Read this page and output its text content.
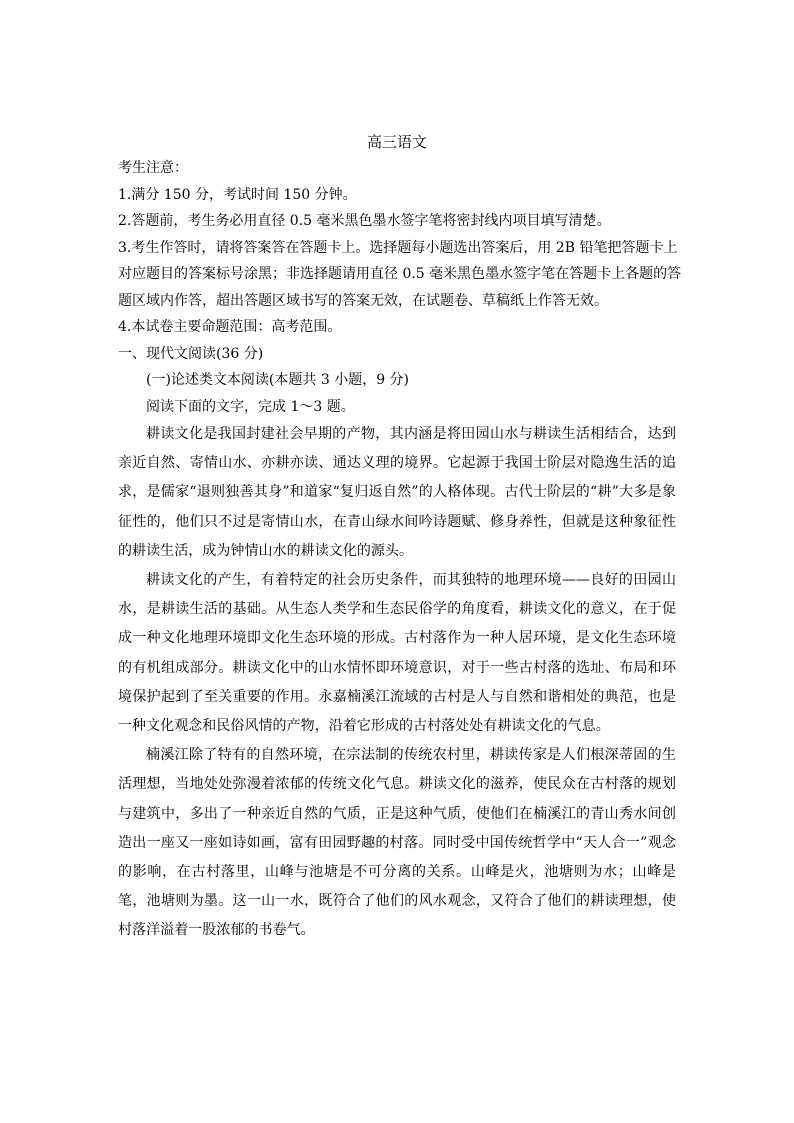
高三语文
考生注意：
1.满分 150 分，考试时间 150 分钟。
2.答题前，考生务必用直径 0.5 毫米黑色墨水签字笔将密封线内项目填写清楚。
3.考生作答时，请将答案答在答题卡上。选择题每小题选出答案后，用 2B 铅笔把答题卡上
对应题目的答案标号涂黑；非选择题请用直径 0.5 毫米黑色墨水签字笔在答题卡上各题的答
题区域内作答，超出答题区域书写的答案无效，在试题卷、草稿纸上作答无效。
4.本试卷主要命题范围：高考范围。
一、现代文阅读(36 分)
(一)论述类文本阅读(本题共 3 小题，9 分)
阅读下面的文字，完成 1～3 题。

耕读文化是我国封建社会早期的产物，其内涵是将田园山水与耕读生活相结合，达到亲近自然、寄情山水、亦耕亦读、通达义理的境界。它起源于我国士阶层对隐逸生活的追求，是儒家“退则独善其身”和道家“复归返自然”的人格体现。古代士阶层的“耕”大多是象征性的，他们只不过是寄情山水，在青山绿水间吟诗题赋、修身养性，但就是这种象征性的耕读生活，成为钟情山水的耕读文化的源头。

耕读文化的产生，有着特定的社会历史条件，而其独特的地理环境——良好的田园山水，是耕读生活的基础。从生态人类学和生态民俗学的角度看，耕读文化的意义，在于促成一种文化地理环境即文化生态环境的形成。古村落作为一种人居环境，是文化生态环境的有机组成部分。耕读文化中的山水情怀即环境意识，对于一些古村落的选址、布局和环境保护起到了至关重要的作用。永嘉楠溪江流域的古村是人与自然和谐相处的典范，也是一种文化观念和民俗风情的产物，沿着它形成的古村落处处有耕读文化的气息。

楠溪江除了特有的自然环境，在宗法制的传统农村里，耕读传家是人们根深蒂固的生活理想，当地处处弥漫着浓郁的传统文化气息。耕读文化的滋养，使民众在古村落的规划与建筑中，多出了一种亲近自然的气质，正是这种气质，使他们在楠溪江的青山秀水间创造出一座又一座如诗如画，富有田园野趣的村落。同时受中国传统哲学中“天人合一”观念的影响，在古村落里，山峰与池塘是不可分离的关系。山峰是火，池塘则为水；山峰是笔，池塘则为墨。这一山一水，既符合了他们的风水观念，又符合了他们的耕读理想，使村落洋溢着一股浓郁的书卷气。
